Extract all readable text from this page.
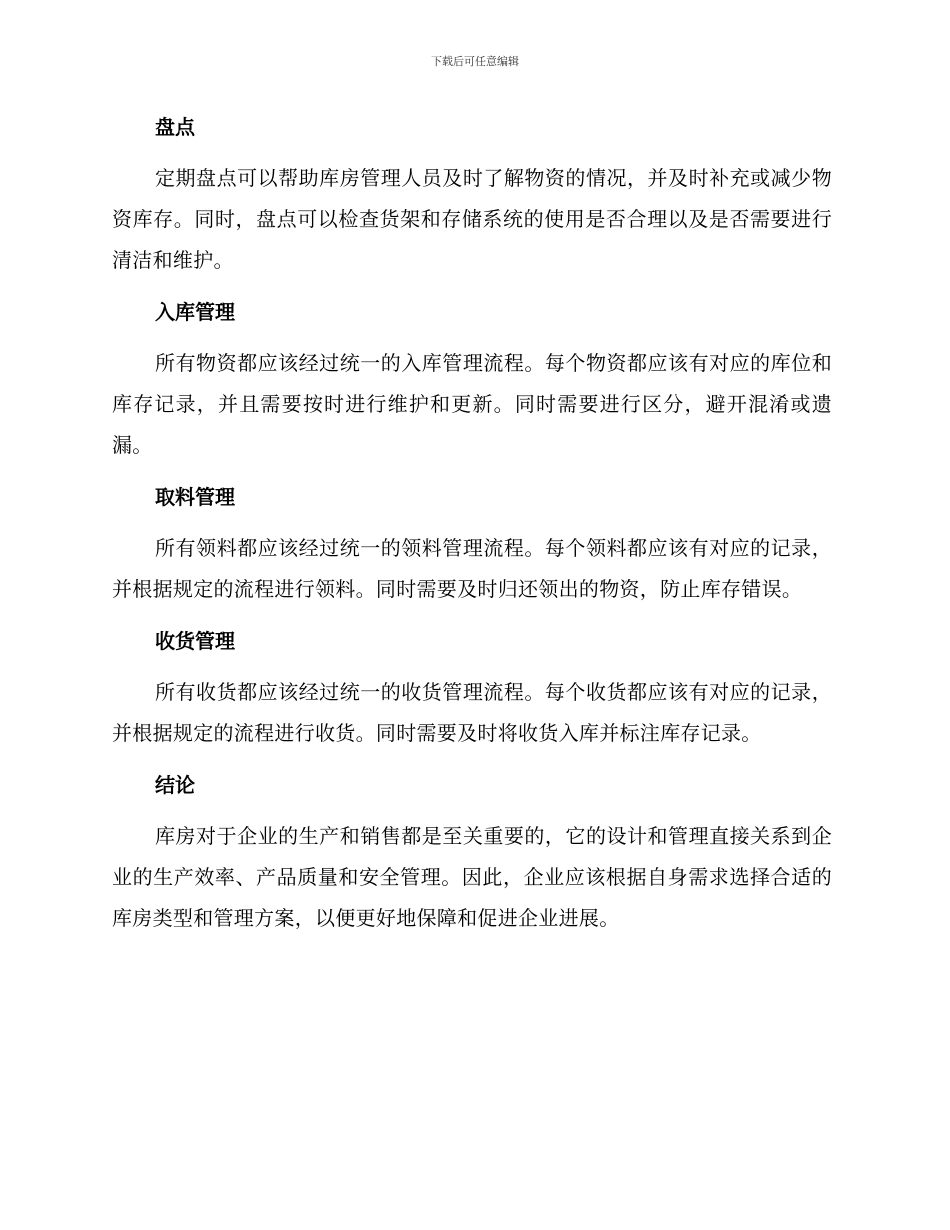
下载后可任意编辑
盘点

定期盘点可以帮助库房管理人员及时了解物资的情况，并及时补充或减少物资库存。同时，盘点可以检查货架和存储系统的使用是否合理以及是否需要进行清洁和维护。

入库管理

所有物资都应该经过统一的入库管理流程。每个物资都应该有对应的库位和库存记录，并且需要按时进行维护和更新。同时需要进行区分，避开混淆或遗漏。

取料管理

所有领料都应该经过统一的领料管理流程。每个领料都应该有对应的记录，并根据规定的流程进行领料。同时需要及时归还领出的物资，防止库存错误。

收货管理

所有收货都应该经过统一的收货管理流程。每个收货都应该有对应的记录，并根据规定的流程进行收货。同时需要及时将收货入库并标注库存记录。

结论

库房对于企业的生产和销售都是至关重要的，它的设计和管理直接关系到企业的生产效率、产品质量和安全管理。因此，企业应该根据自身需求选择合适的库房类型和管理方案，以便更好地保障和促进企业进展。
